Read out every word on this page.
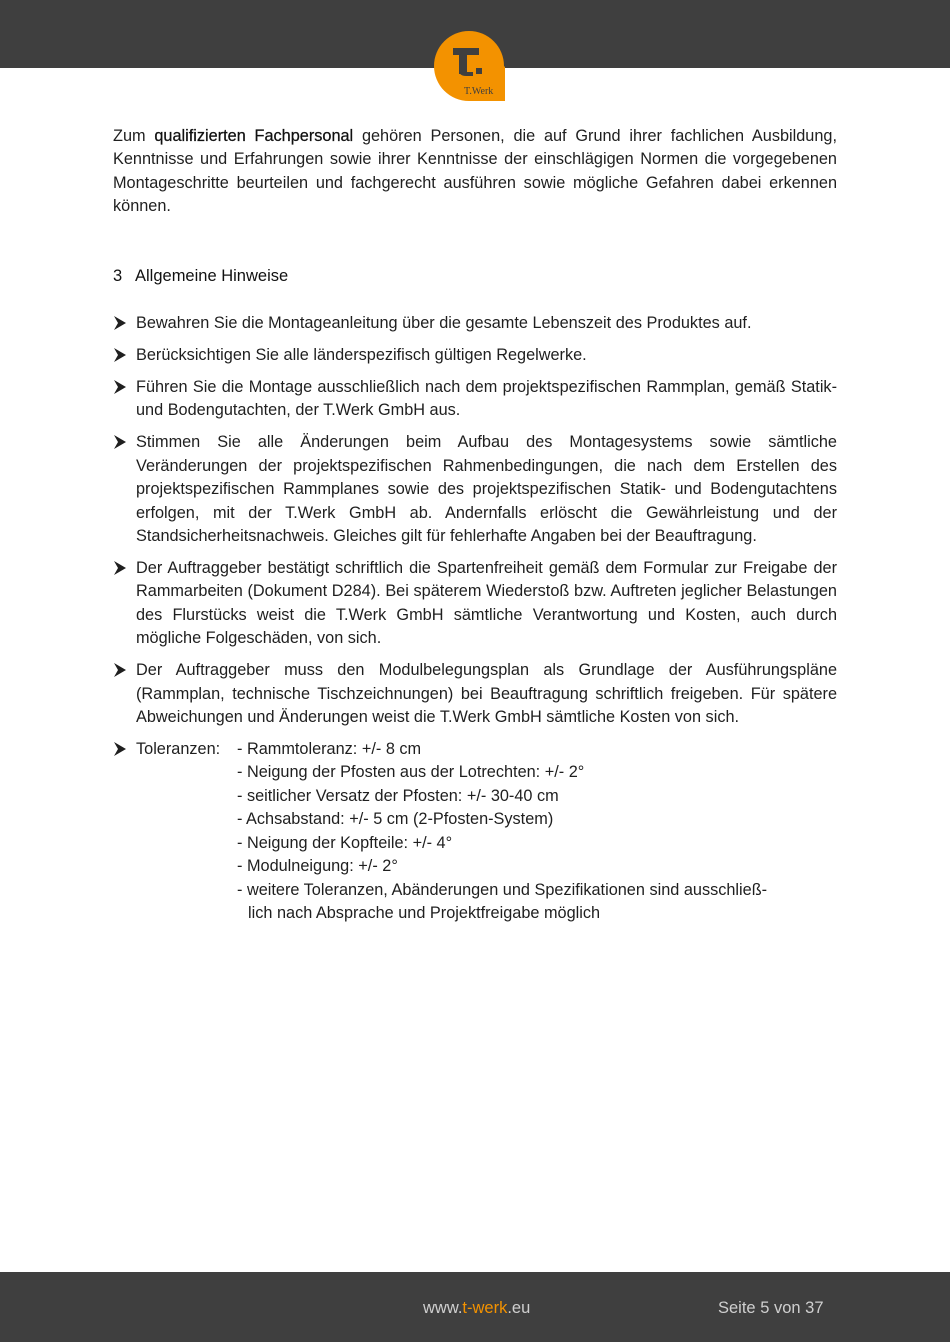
T.Werk

Zum qualifizierten Fachpersonal gehören Personen, die auf Grund ihrer fachlichen Ausbildung, Kenntnisse und Erfahrungen sowie ihrer Kenntnisse der einschlägigen Normen die vorgegebenen Montageschritte beurteilen und fachgerecht ausführen sowie mögliche Gefahren dabei erkennen können.

3 Allgemeine Hinweise
Bewahren Sie die Montageanleitung über die gesamte Lebenszeit des Produktes auf.
Berücksichtigen Sie alle länderspezifisch gültigen Regelwerke.
Führen Sie die Montage ausschließlich nach dem projektspezifischen Rammplan, gemäß Statik- und Bodengutachten, der T.Werk GmbH aus.
Stimmen Sie alle Änderungen beim Aufbau des Montagesystems sowie sämtliche Veränderungen der projektspezifischen Rahmenbedingungen, die nach dem Erstellen des projektspezifischen Rammplanes sowie des projektspezifischen Statik- und Bodengutachtens erfolgen, mit der T.Werk GmbH ab. Andernfalls erlöscht die Gewährleistung und der Standsicherheitsnachweis. Gleiches gilt für fehlerhafte Angaben bei der Beauftragung.
Der Auftraggeber bestätigt schriftlich die Spartenfreiheit gemäß dem Formular zur Freigabe der Rammarbeiten (Dokument D284). Bei späterem Wiederstoß bzw. Auftreten jeglicher Belastungen des Flurstücks weist die T.Werk GmbH sämtliche Verantwortung und Kosten, auch durch mögliche Folgeschäden, von sich.
Der Auftraggeber muss den Modulbelegungsplan als Grundlage der Ausführungspläne (Rammplan, technische Tischzeichnungen) bei Beauftragung schriftlich freigeben. Für spätere Abweichungen und Änderungen weist die T.Werk GmbH sämtliche Kosten von sich.
Toleranzen: - Rammtoleranz: +/- 8 cm
- Neigung der Pfosten aus der Lotrechten: +/- 2°
- seitlicher Versatz der Pfosten: +/- 30-40 cm
- Achsabstand: +/- 5 cm (2-Pfosten-System)
- Neigung der Kopfteile: +/- 4°
- Modulneigung: +/- 2°
- weitere Toleranzen, Abänderungen und Spezifikationen sind ausschließ-
lich nach Absprache und Projektfreigabe möglich
www.t-werk.eu	Seite 5 von 37
